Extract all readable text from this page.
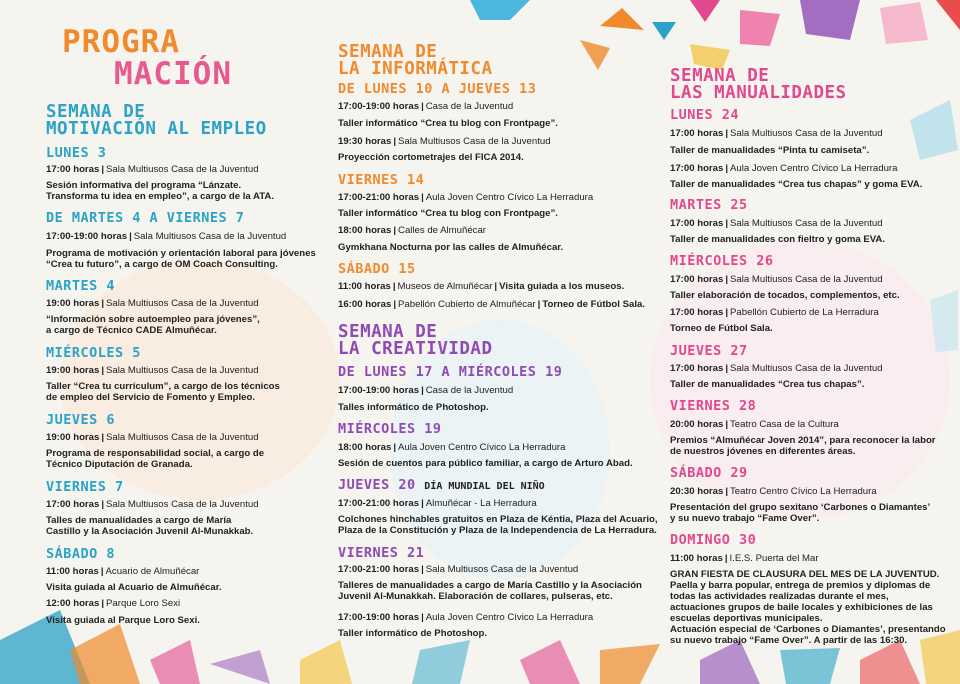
PROGRA
MACIÓN
SEMANA DE
MOTIVACIÓN AL EMPLEO
LUNES 3
17:00 horas | Sala Multiusos Casa de la Juventud
Sesión informativa del programa “Lánzate.
Transforma tu idea en empleo”, a cargo de la ATA.
DE MARTES 4 A VIERNES 7
17:00-19:00 horas | Sala Multiusos Casa de la Juventud
Programa de motivación y orientación laboral para jóvenes
“Crea tu futuro”, a cargo de OM Coach Consulting.
MARTES 4
19:00 horas | Sala Multiusos Casa de la Juventud
“Información sobre autoempleo para jóvenes”,
a cargo de Técnico CADE Almuñécar.
MIÉRCOLES 5
19:00 horas | Sala Multiusos Casa de la Juventud
Taller “Crea tu currículum”, a cargo de los técnicos
de empleo del Servicio de Fomento y Empleo.
JUEVES 6
19:00 horas | Sala Multiusos Casa de la Juventud
Programa de responsabilidad social, a cargo de
Técnico Diputación de Granada.
VIERNES 7
17:00 horas | Sala Multiusos Casa de la Juventud
Talles de manualidades a cargo de María
Castillo y la Asociación Juvenil Al-Munakkab.
SÁBADO 8
11:00 horas | Acuario de Almuñécar
Visita guiada al Acuario de Almuñécar.
12:00 horas | Parque Loro Sexi
Visita guiada al Parque Loro Sexi.
SEMANA DE
LA INFORMÁTICA
DE LUNES 10 A JUEVES 13
17:00-19:00 horas | Casa de la Juventud
Taller informático “Crea tu blog con Frontpage”.
19:30 horas | Sala Multiusos Casa de la Juventud
Proyección cortometrajes del FICA 2014.
VIERNES 14
17:00-21:00 horas | Aula Joven Centro Cívico La Herradura
Taller informático “Crea tu blog con Frontpage”.
18:00 horas | Calles de Almuñécar
Gymkhana Nocturna por las calles de Almuñécar.
SÁBADO 15
11:00 horas | Museos de Almuñécar | Visita guiada a los museos.
16:00 horas | Pabellón Cubierto de Almuñécar | Torneo de Fútbol Sala.
SEMANA DE
LA CREATIVIDAD
DE LUNES 17 A MIÉRCOLES 19
17:00-19:00 horas | Casa de la Juventud
Talles informático de Photoshop.
MIÉRCOLES 19
18:00 horas | Aula Joven Centro Cívico La Herradura
Sesión de cuentos para público familiar, a cargo de Arturo Abad.
JUEVES 20 DÍA MUNDIAL DEL NIÑO
17:00-21:00 horas | Almuñécar - La Herradura
Colchones hinchables gratuitos en Plaza de Kéntia, Plaza del Acuario,
Plaza de la Constitución y Plaza de la Independencia de La Herradura.
VIERNES 21
17:00-21:00 horas | Sala Multiusos Casa de la Juventud
Talleres de manualidades a cargo de María Castillo y la Asociación
Juvenil Al-Munakkah. Elaboración de collares, pulseras, etc.
17:00-19:00 horas | Aula Joven Centro Cívico La Herradura
Taller informático de Photoshop.
SEMANA DE
LAS MANUALIDADES
LUNES 24
17:00 horas | Sala Multiusos Casa de la Juventud
Taller de manualidades “Pinta tu camiseta”.
17:00 horas | Aula Joven Centro Cívico La Herradura
Taller de manualidades “Crea tus chapas” y goma EVA.
MARTES 25
17:00 horas | Sala Multiusos Casa de la Juventud
Taller de manualidades con fieltro y goma EVA.
MIÉRCOLES 26
17:00 horas | Sala Multiusos Casa de la Juventud
Taller elaboración de tocados, complementos, etc.
17:00 horas | Pabellón Cubierto de La Herradura
Torneo de Fútbol Sala.
JUEVES 27
17:00 horas | Sala Multiusos Casa de la Juventud
Taller de manualidades “Crea tus chapas”.
VIERNES 28
20:00 horas | Teatro Casa de la Cultura
Premios “Almuñécar Joven 2014”, para reconocer la labor
de nuestros jóvenes en diferentes áreas.
SÁBADO 29
20:30 horas | Teatro Centro Cívico La Herradura
Presentación del grupo sexitano ‘Carbones o Diamantes’
y su nuevo trabajo “Fame Over”.
DOMINGO 30
11:00 horas | I.E.S. Puerta del Mar
GRAN FIESTA DE CLAUSURA DEL MES DE LA JUVENTUD.
Paella y barra popular, entrega de premios y diplomas de
todas las actividades realizadas durante el mes,
actuaciones grupos de baile locales y exhibiciones de las
escuelas deportivas municipales.
Actuación especial de ‘Carbones o Diamantes’, presentando
su nuevo trabajo “Fame Over”. A partir de las 16:30.
